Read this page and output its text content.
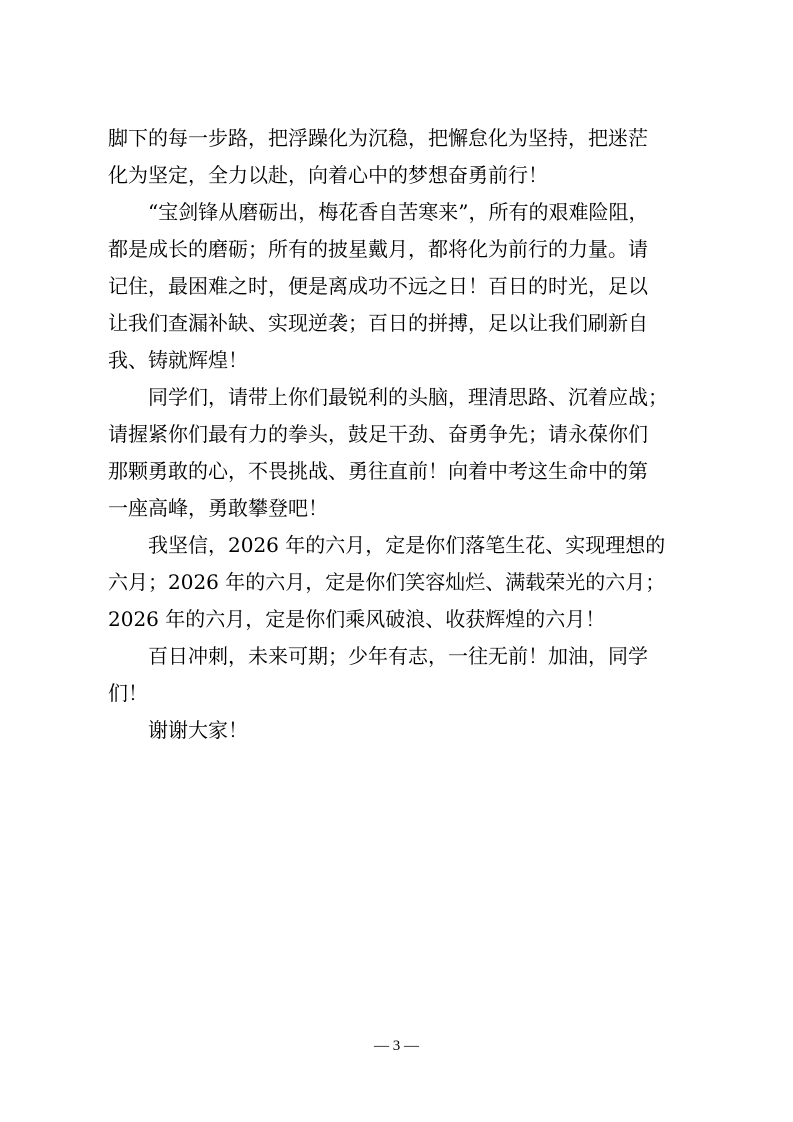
脚下的每一步路，把浮躁化为沉稳，把懈怠化为坚持，把迷茫
化为坚定，全力以赴，向着心中的梦想奋勇前行！
“宝剑锋从磨砺出，梅花香自苦寒来”，所有的艰难险阻，
都是成长的磨砺；所有的披星戴月，都将化为前行的力量。请
记住，最困难之时，便是离成功不远之日！百日的时光，足以
让我们查漏补缺、实现逆袭；百日的拼搏，足以让我们刷新自
我、铸就辉煌！
同学们，请带上你们最锐利的头脑，理清思路、沉着应战；
请握紧你们最有力的拳头，鼓足干劲、奋勇争先；请永葆你们
那颗勇敢的心，不畏挑战、勇往直前！向着中考这生命中的第
一座高峰，勇敢攀登吧！
我坚信，2026 年的六月，定是你们落笔生花、实现理想的
六月；2026 年的六月，定是你们笑容灿烂、满载荣光的六月；
2026 年的六月，定是你们乘风破浪、收获辉煌的六月！
百日冲刺，未来可期；少年有志，一往无前！加油，同学
们！
谢谢大家！
— 3 —
